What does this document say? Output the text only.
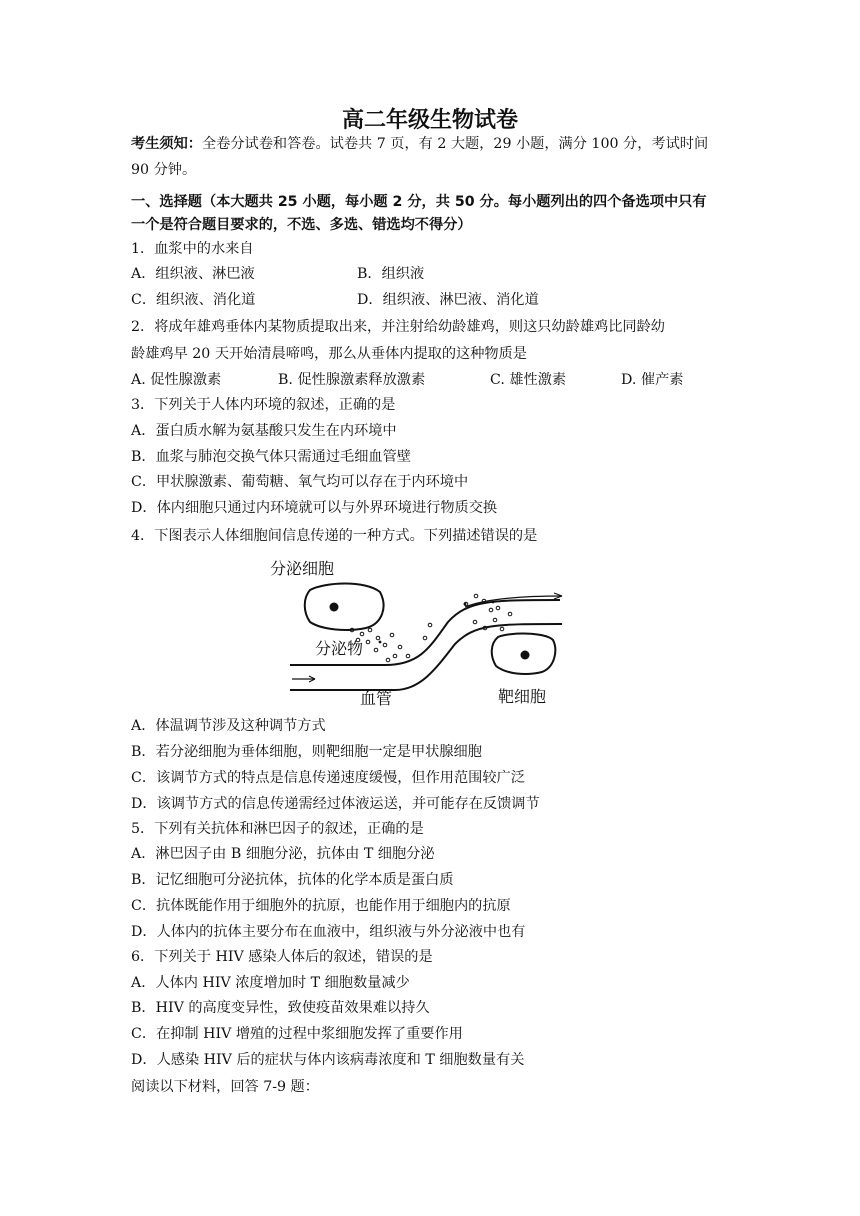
高二年级生物试卷
考生须知：全卷分试卷和答卷。试卷共 7 页，有 2 大题，29 小题，满分 100 分，考试时间
90 分钟。
一、选择题（本大题共 25 小题，每小题 2 分，共 50 分。每小题列出的四个备选项中只有
一个是符合题目要求的，不选、多选、错选均不得分）
1．血浆中的水来自
A．组织液、淋巴液	B．组织液
C．组织液、消化道	D．组织液、淋巴液、消化道
2．将成年雄鸡垂体内某物质提取出来，并注射给幼龄雄鸡，则这只幼龄雄鸡比同龄幼
龄雄鸡早 20 天开始清晨啼鸣，那么从垂体内提取的这种物质是
A. 促性腺激素	B. 促性腺激素释放激素	C. 雄性激素	D. 催产素
3．下列关于人体内环境的叙述，正确的是
A．蛋白质水解为氨基酸只发生在内环境中
B．血浆与肺泡交换气体只需通过毛细血管壁
C．甲状腺激素、葡萄糖、氧气均可以存在于内环境中
D．体内细胞只通过内环境就可以与外界环境进行物质交换
4．下图表示人体细胞间信息传递的一种方式。下列描述错误的是
分泌细胞
分泌物
血管	靶细胞
A．体温调节涉及这种调节方式
B．若分泌细胞为垂体细胞，则靶细胞一定是甲状腺细胞
C．该调节方式的特点是信息传递速度缓慢，但作用范围较广泛
D．该调节方式的信息传递需经过体液运送，并可能存在反馈调节
5．下列有关抗体和淋巴因子的叙述，正确的是
A．淋巴因子由 B 细胞分泌，抗体由 T 细胞分泌
B．记忆细胞可分泌抗体，抗体的化学本质是蛋白质
C．抗体既能作用于细胞外的抗原，也能作用于细胞内的抗原
D．人体内的抗体主要分布在血液中，组织液与外分泌液中也有
6．下列关于 HIV 感染人体后的叙述，错误的是
A．人体内 HIV 浓度增加时 T 细胞数量减少
B．HIV 的高度变异性，致使疫苗效果难以持久
C．在抑制 HIV 增殖的过程中浆细胞发挥了重要作用
D．人感染 HIV 后的症状与体内该病毒浓度和 T 细胞数量有关
阅读以下材料，回答 7-9 题：
